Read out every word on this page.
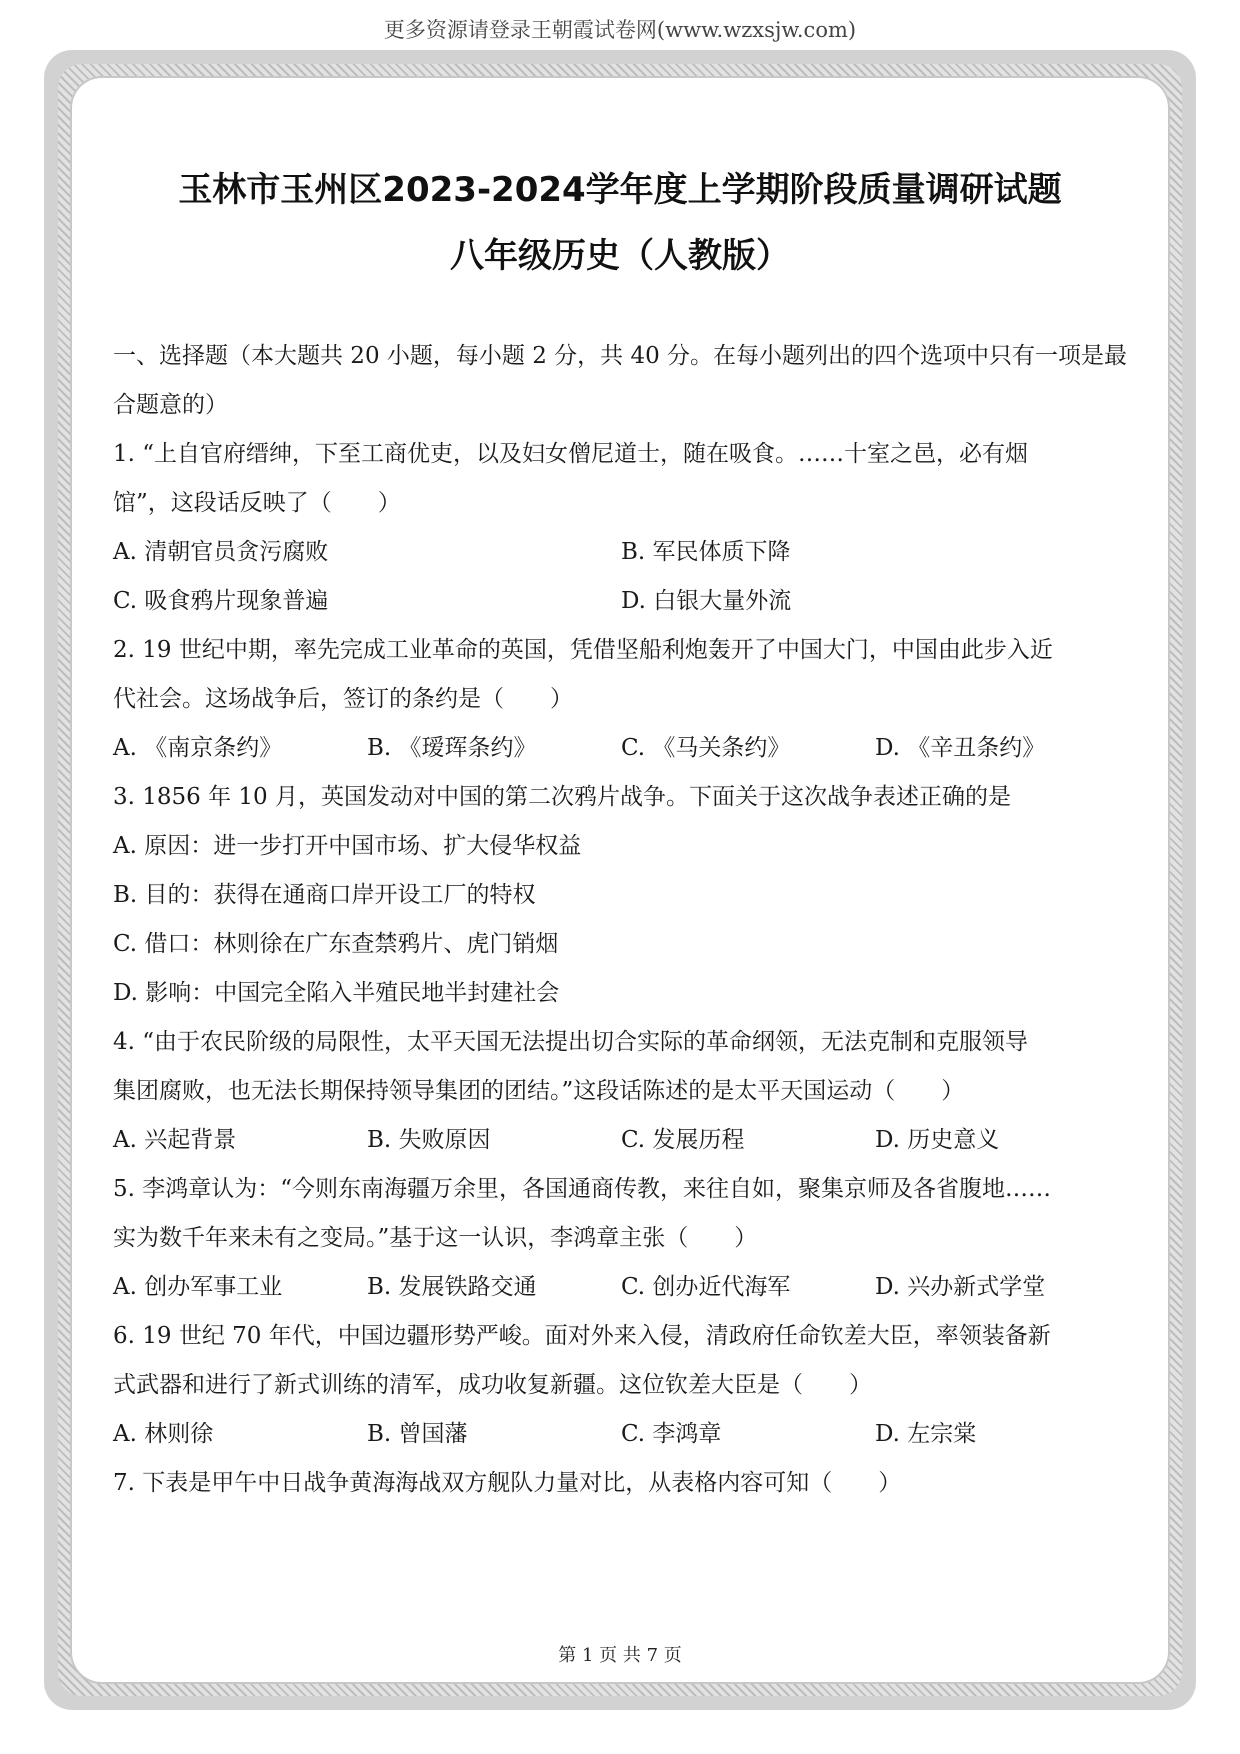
更多资源请登录王朝霞试卷网(www.wzxsjw.com)
玉林市玉州区2023-2024学年度上学期阶段质量调研试题
八年级历史（人教版）
一、选择题（本大题共 20 小题，每小题 2 分，共 40 分。在每小题列出的四个选项中只有一项是最合题意的）
1. “上自官府缙绅，下至工商优吏，以及妇女僧尼道士，随在吸食。……十室之邑，必有烟
馆”，这段话反映了（　　）
A. 清朝官员贪污腐败	B. 军民体质下降
C. 吸食鸦片现象普遍	D. 白银大量外流
2. 19 世纪中期，率先完成工业革命的英国，凭借坚船利炮轰开了中国大门，中国由此步入近
代社会。这场战争后，签订的条约是（　　）
A. 《南京条约》	B. 《瑷珲条约》	C. 《马关条约》	D. 《辛丑条约》
3. 1856 年 10 月，英国发动对中国的第二次鸦片战争。下面关于这次战争表述正确的是
A. 原因：进一步打开中国市场、扩大侵华权益
B. 目的：获得在通商口岸开设工厂的特权
C. 借口：林则徐在广东查禁鸦片、虎门销烟
D. 影响：中国完全陷入半殖民地半封建社会
4. “由于农民阶级的局限性，太平天国无法提出切合实际的革命纲领，无法克制和克服领导
集团腐败，也无法长期保持领导集团的团结。”这段话陈述的是太平天国运动（　　）
A. 兴起背景	B. 失败原因	C. 发展历程	D. 历史意义
5. 李鸿章认为：“今则东南海疆万余里，各国通商传教，来往自如，聚集京师及各省腹地……
实为数千年来未有之变局。”基于这一认识，李鸿章主张（　　）
A. 创办军事工业	B. 发展铁路交通	C. 创办近代海军	D. 兴办新式学堂
6. 19 世纪 70 年代，中国边疆形势严峻。面对外来入侵，清政府任命钦差大臣，率领装备新
式武器和进行了新式训练的清军，成功收复新疆。这位钦差大臣是（　　）
A. 林则徐	B. 曾国藩	C. 李鸿章	D. 左宗棠
7. 下表是甲午中日战争黄海海战双方舰队力量对比，从表格内容可知（　　）
第 1 页 共 7 页
